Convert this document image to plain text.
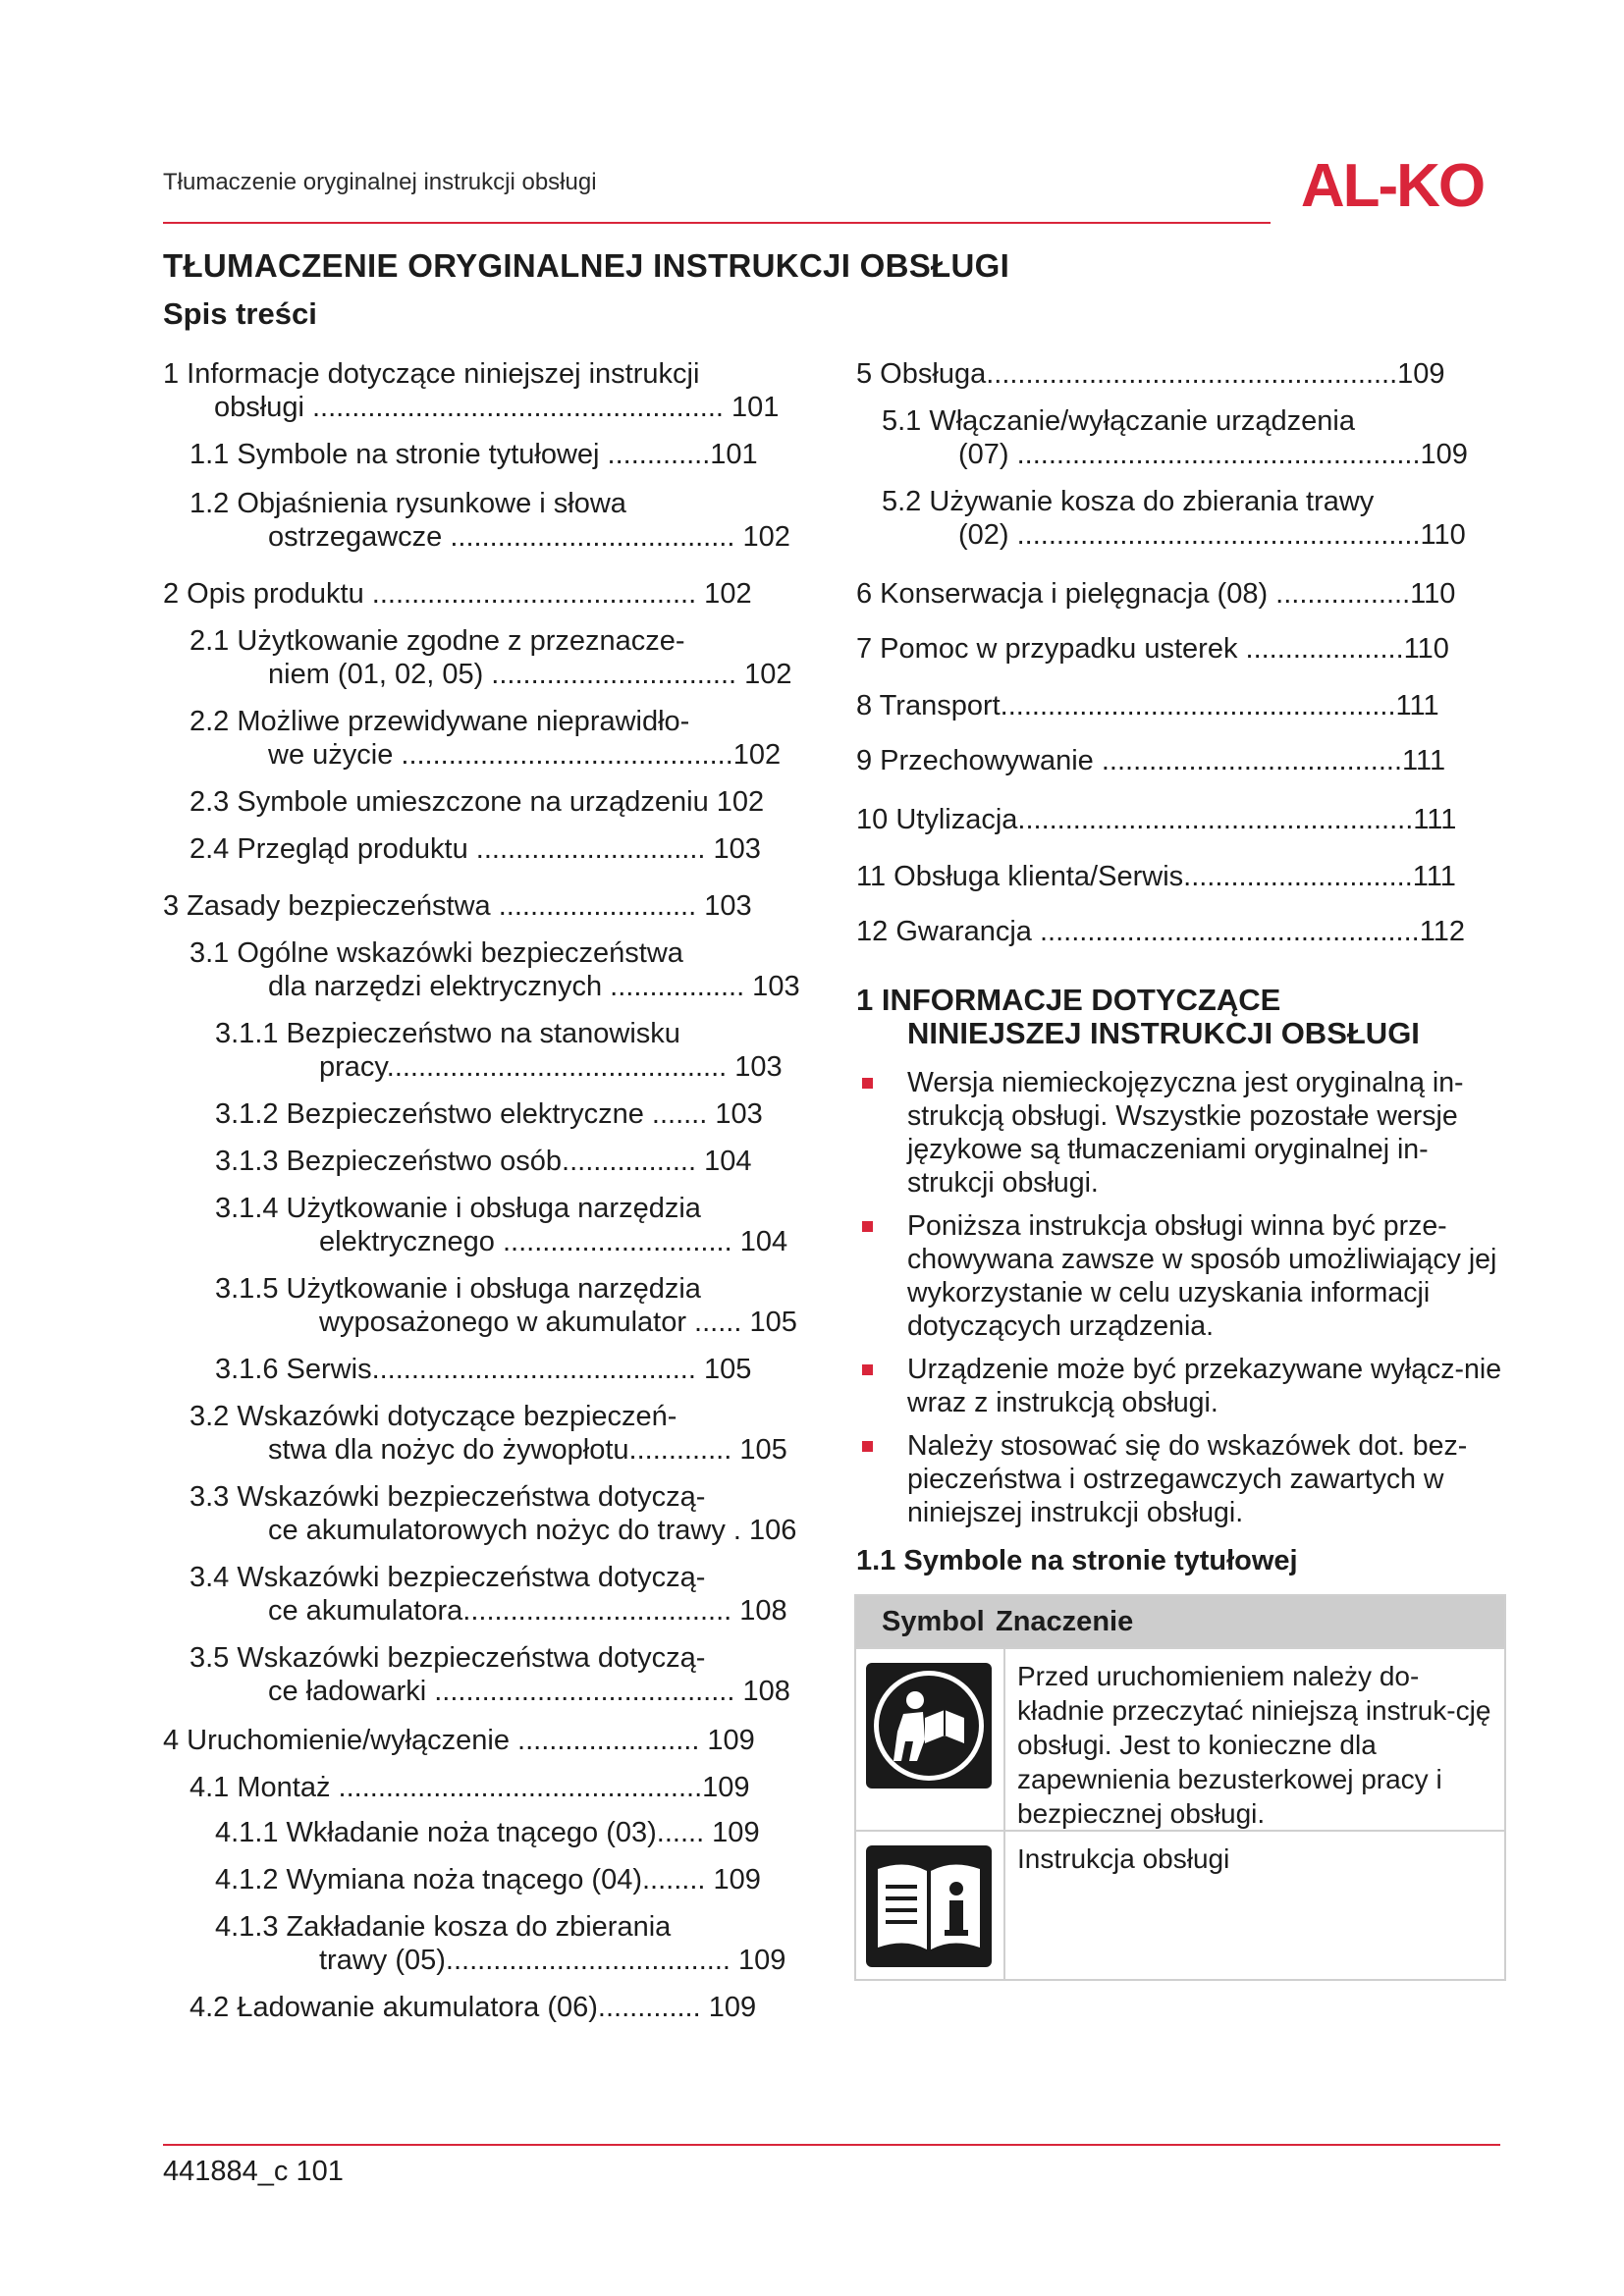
Tłumaczenie oryginalnej instrukcji obsługi	AL-KO
TŁUMACZENIE ORYGINALNEJ INSTRUKCJI OBSŁUGI
Spis treści
1 Informacje dotyczące niniejszej instrukcji
obsługi .................................................... 101
1.1 Symbole na stronie tytułowej .............101
1.2 Objaśnienia rysunkowe i słowa
ostrzegawcze .................................... 102
2 Opis produktu ......................................... 102
2.1 Użytkowanie zgodne z przeznacze-
niem (01, 02, 05) ............................... 102
2.2 Możliwe przewidywane nieprawidło-
we użycie ..........................................102
2.3 Symbole umieszczone na urządzeniu 102
2.4 Przegląd produktu ............................. 103
3 Zasady bezpieczeństwa ......................... 103
3.1 Ogólne wskazówki bezpieczeństwa
dla narzędzi elektrycznych ................. 103
3.1.1 Bezpieczeństwo na stanowisku
pracy........................................... 103
3.1.2 Bezpieczeństwo elektryczne ....... 103
3.1.3 Bezpieczeństwo osób................. 104
3.1.4 Użytkowanie i obsługa narzędzia
elektrycznego ............................. 104
3.1.5 Użytkowanie i obsługa narzędzia
wyposażonego w akumulator ...... 105
3.1.6 Serwis......................................... 105
3.2 Wskazówki dotyczące bezpieczeń-
stwa dla nożyc do żywopłotu............. 105
3.3 Wskazówki bezpieczeństwa dotyczą-
ce akumulatorowych nożyc do trawy . 106
3.4 Wskazówki bezpieczeństwa dotyczą-
ce akumulatora.................................. 108
3.5 Wskazówki bezpieczeństwa dotyczą-
ce ładowarki ...................................... 108
4 Uruchomienie/wyłączenie ....................... 109
4.1 Montaż ..............................................109
4.1.1 Wkładanie noża tnącego (03)...... 109
4.1.2 Wymiana noża tnącego (04)........ 109
4.1.3 Zakładanie kosza do zbierania
trawy (05).................................... 109
4.2 Ładowanie akumulatora (06)............. 109
5 Obsługa....................................................109
5.1 Włączanie/wyłączanie urządzenia
(07) ...................................................109
5.2 Używanie kosza do zbierania trawy
(02) ...................................................110
6 Konserwacja i pielęgnacja (08) .................110
7 Pomoc w przypadku usterek ....................110
8 Transport..................................................111
9 Przechowywanie ......................................111
10 Utylizacja..................................................111
11 Obsługa klienta/Serwis.............................111
12 Gwarancja ................................................112
1 INFORMACJE DOTYCZĄCE
NINIEJSZEJ INSTRUKCJI OBSŁUGI
Wersja niemieckojęzyczna jest oryginalną in-strukcją obsługi. Wszystkie pozostałe wersje językowe są tłumaczeniami oryginalnej in-strukcji obsługi.
Poniższa instrukcja obsługi winna być prze-chowywana zawsze w sposób umożliwiający jej wykorzystanie w celu uzyskania informacji dotyczących urządzenia.
Urządzenie może być przekazywane wyłącz-nie wraz z instrukcją obsługi.
Należy stosować się do wskazówek dot. bez-pieczeństwa i ostrzegawczych zawartych w niniejszej instrukcji obsługi.
1.1 Symbole na stronie tytułowej
Symbol Znaczenie
Przed uruchomieniem należy do-kładnie przeczytać niniejszą instruk-cję obsługi. Jest to konieczne dla zapewnienia bezusterkowej pracy i bezpiecznej obsługi.
Instrukcja obsługi
441884_c 101
